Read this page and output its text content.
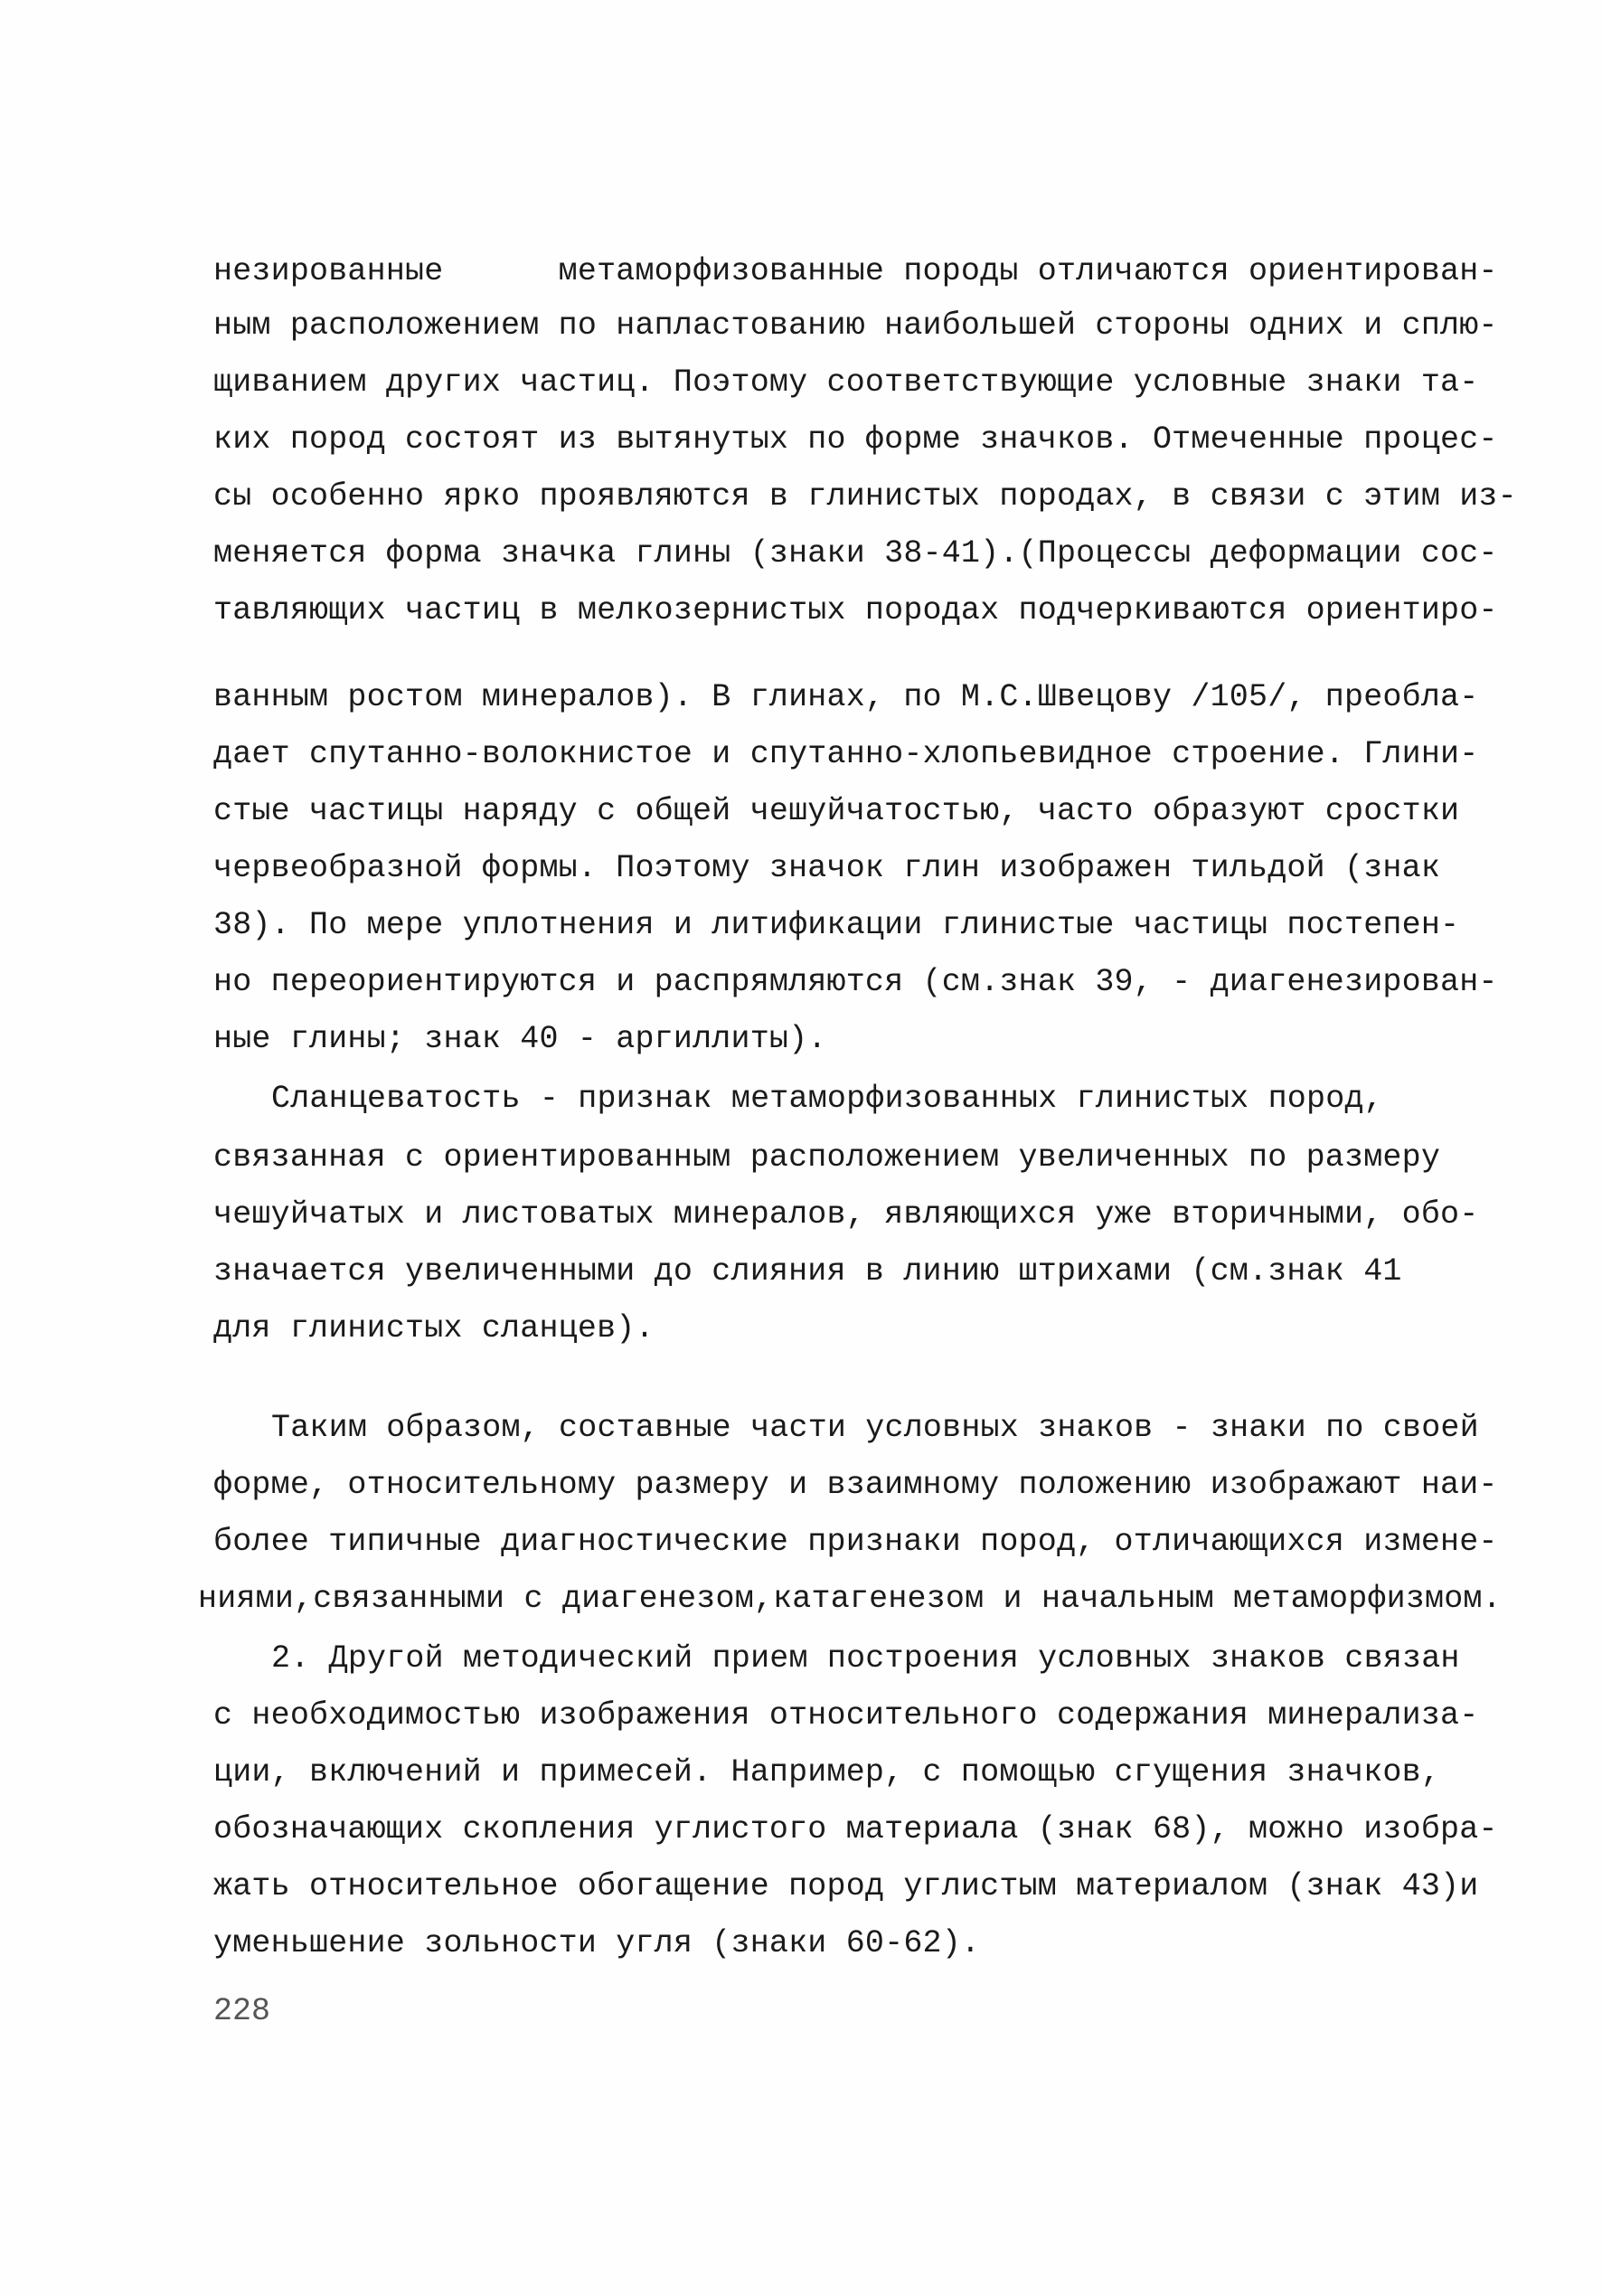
незированные      метаморфизованные породы отличаются ориентирован-
ным расположением по напластованию наибольшей стороны одних и сплю-
щиванием других частиц. Поэтому соответствующие условные знаки та-
ких пород состоят из вытянутых по форме значков. Отмеченные процес-
сы особенно ярко проявляются в глинистых породах, в связи с этим из-
меняется форма значка глины (знаки 38-41).(Процессы деформации сос-
тавляющих частиц в мелкозернистых породах подчеркиваются ориентиро-
ванным ростом минералов). В глинах, по М.С.Швецову /105/, преобла-
дает спутанно-волокнистое и спутанно-хлопьевидное строение. Глини-
стые частицы наряду с общей чешуйчатостью, часто образуют сростки
червеобразной формы. Поэтому значок глин изображен тильдой (знак
38). По мере уплотнения и литификации глинистые частицы постепен-
но переориентируются и распрямляются (см.знак 39, - диагенезирован-
ные глины; знак 40 - аргиллиты).
Сланцеватость - признак метаморфизованных глинистых пород,
связанная с ориентированным расположением увеличенных по размеру
чешуйчатых и листоватых минералов, являющихся уже вторичными, обо-
значается увеличенными до слияния в линию штрихами (см.знак 41
для глинистых сланцев).
Таким образом, составные части условных знаков - знаки по своей
форме, относительному размеру и взаимному положению изображают наи-
более типичные диагностические признаки пород, отличающихся измене-
ниями,связанными с диагенезом,катагенезом и начальным метаморфизмом.
2. Другой методический прием построения условных знаков связан
с необходимостью изображения относительного содержания минерализа-
ции, включений и примесей. Например, с помощью сгущения значков,
обозначающих скопления углистого материала (знак 68), можно изобра-
жать относительное обогащение пород углистым материалом (знак 43)и
уменьшение зольности угля (знаки 60-62).
228
